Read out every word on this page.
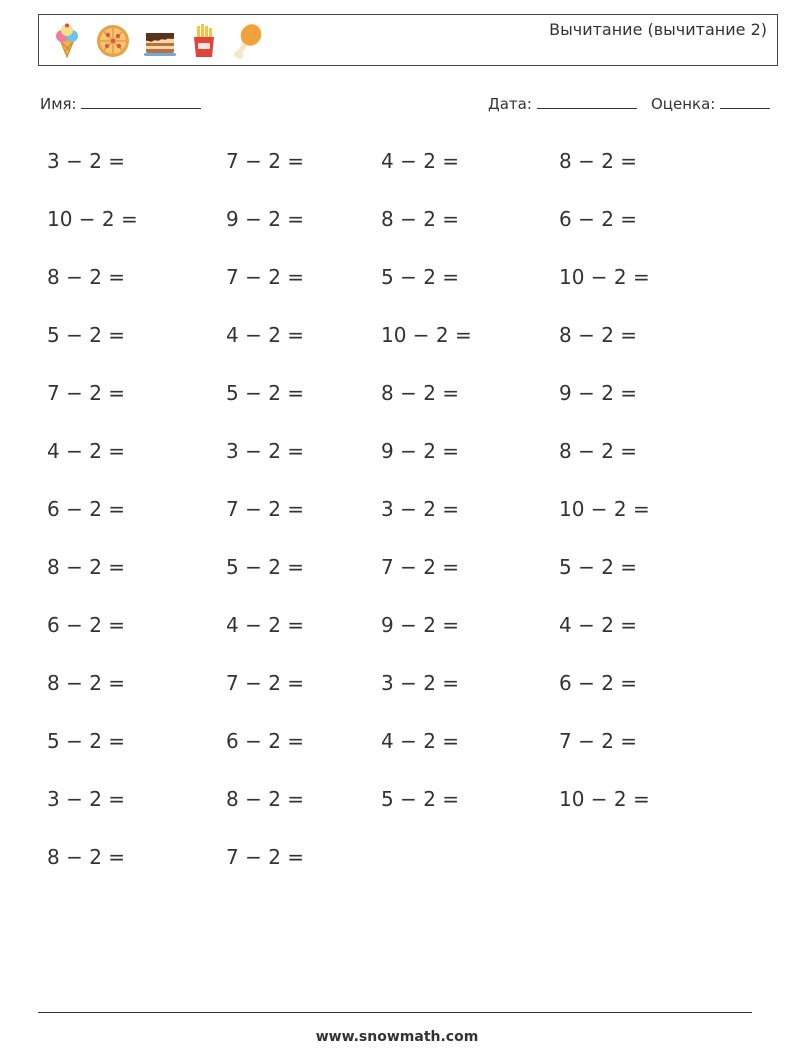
Вычитание (вычитание 2)
Имя:	Дата:	Оценка:
3 − 2 =	7 − 2 =	4 − 2 =	8 − 2 =
10 − 2 =	9 − 2 =	8 − 2 =	6 − 2 =
8 − 2 =	7 − 2 =	5 − 2 =	10 − 2 =
5 − 2 =	4 − 2 =	10 − 2 =	8 − 2 =
7 − 2 =	5 − 2 =	8 − 2 =	9 − 2 =
4 − 2 =	3 − 2 =	9 − 2 =	8 − 2 =
6 − 2 =	7 − 2 =	3 − 2 =	10 − 2 =
8 − 2 =	5 − 2 =	7 − 2 =	5 − 2 =
6 − 2 =	4 − 2 =	9 − 2 =	4 − 2 =
8 − 2 =	7 − 2 =	3 − 2 =	6 − 2 =
5 − 2 =	6 − 2 =	4 − 2 =	7 − 2 =
3 − 2 =	8 − 2 =	5 − 2 =	10 − 2 =
8 − 2 =	7 − 2 =
www.snowmath.com
